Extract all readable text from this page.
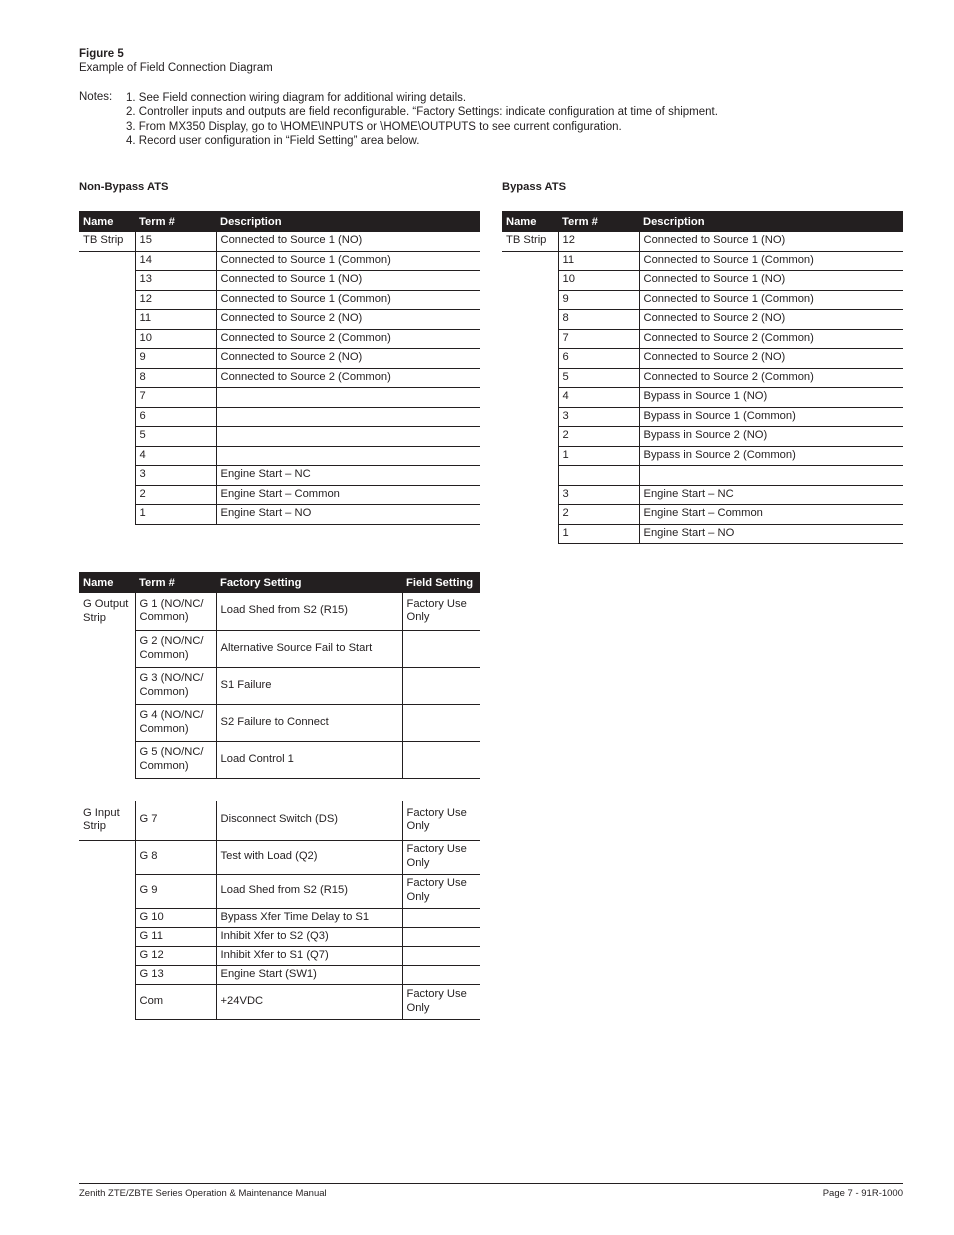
Figure 5
Example of Field Connection Diagram
Notes: 1. See Field connection wiring diagram for additional wiring details.
2. Controller inputs and outputs are field reconfigurable. “Factory Settings: indicate configuration at time of shipment.
3. From MX350 Display, go to \HOME\INPUTS or \HOME\OUTPUTS to see current configuration.
4. Record user configuration in “Field Setting” area below.
Non-Bypass ATS	Bypass ATS
Name	Term #	Description
TB Strip	15	Connected to Source 1 (NO)
	14	Connected to Source 1 (Common)
	13	Connected to Source 1 (NO)
	12	Connected to Source 1 (Common)
	11	Connected to Source 2 (NO)
	10	Connected to Source 2 (Common)
	9	Connected to Source 2 (NO)
	8	Connected to Source 2 (Common)
	7	
	6	
	5	
	4	
	3	Engine Start – NC
	2	Engine Start – Common
	1	Engine Start – NO
Name	Term #	Description
TB Strip	12	Connected to Source 1 (NO)
	11	Connected to Source 1 (Common)
	10	Connected to Source 1 (NO)
	9	Connected to Source 1 (Common)
	8	Connected to Source 2 (NO)
	7	Connected to Source 2 (Common)
	6	Connected to Source 2 (NO)
	5	Connected to Source 2 (Common)
	4	Bypass in Source 1 (NO)
	3	Bypass in Source 1 (Common)
	2	Bypass in Source 2 (NO)
	1	Bypass in Source 2 (Common)

	3	Engine Start – NC
	2	Engine Start – Common
	1	Engine Start – NO
Name	Term #	Factory Setting	Field Setting
G Output Strip	G 1 (NO/NC/ Common)	Load Shed from S2 (R15)	Factory Use Only
	G 2 (NO/NC/ Common)	Alternative Source Fail to Start	
	G 3 (NO/NC/ Common)	S1 Failure	
	G 4 (NO/NC/ Common)	S2 Failure to Connect	
	G 5 (NO/NC/ Common)	Load Control 1	
G Input Strip	G 7	Disconnect Switch (DS)	Factory Use Only
	G 8	Test with Load (Q2)	Factory Use Only
	G 9	Load Shed from S2 (R15)	Factory Use Only
	G 10	Bypass Xfer Time Delay to S1	
	G 11	Inhibit Xfer to S2 (Q3)	
	G 12	Inhibit Xfer to S1 (Q7)	
	G 13	Engine Start (SW1)	
	Com	+24VDC	Factory Use Only
Zenith ZTE/ZBTE Series Operation & Maintenance Manual	Page 7 - 91R-1000
